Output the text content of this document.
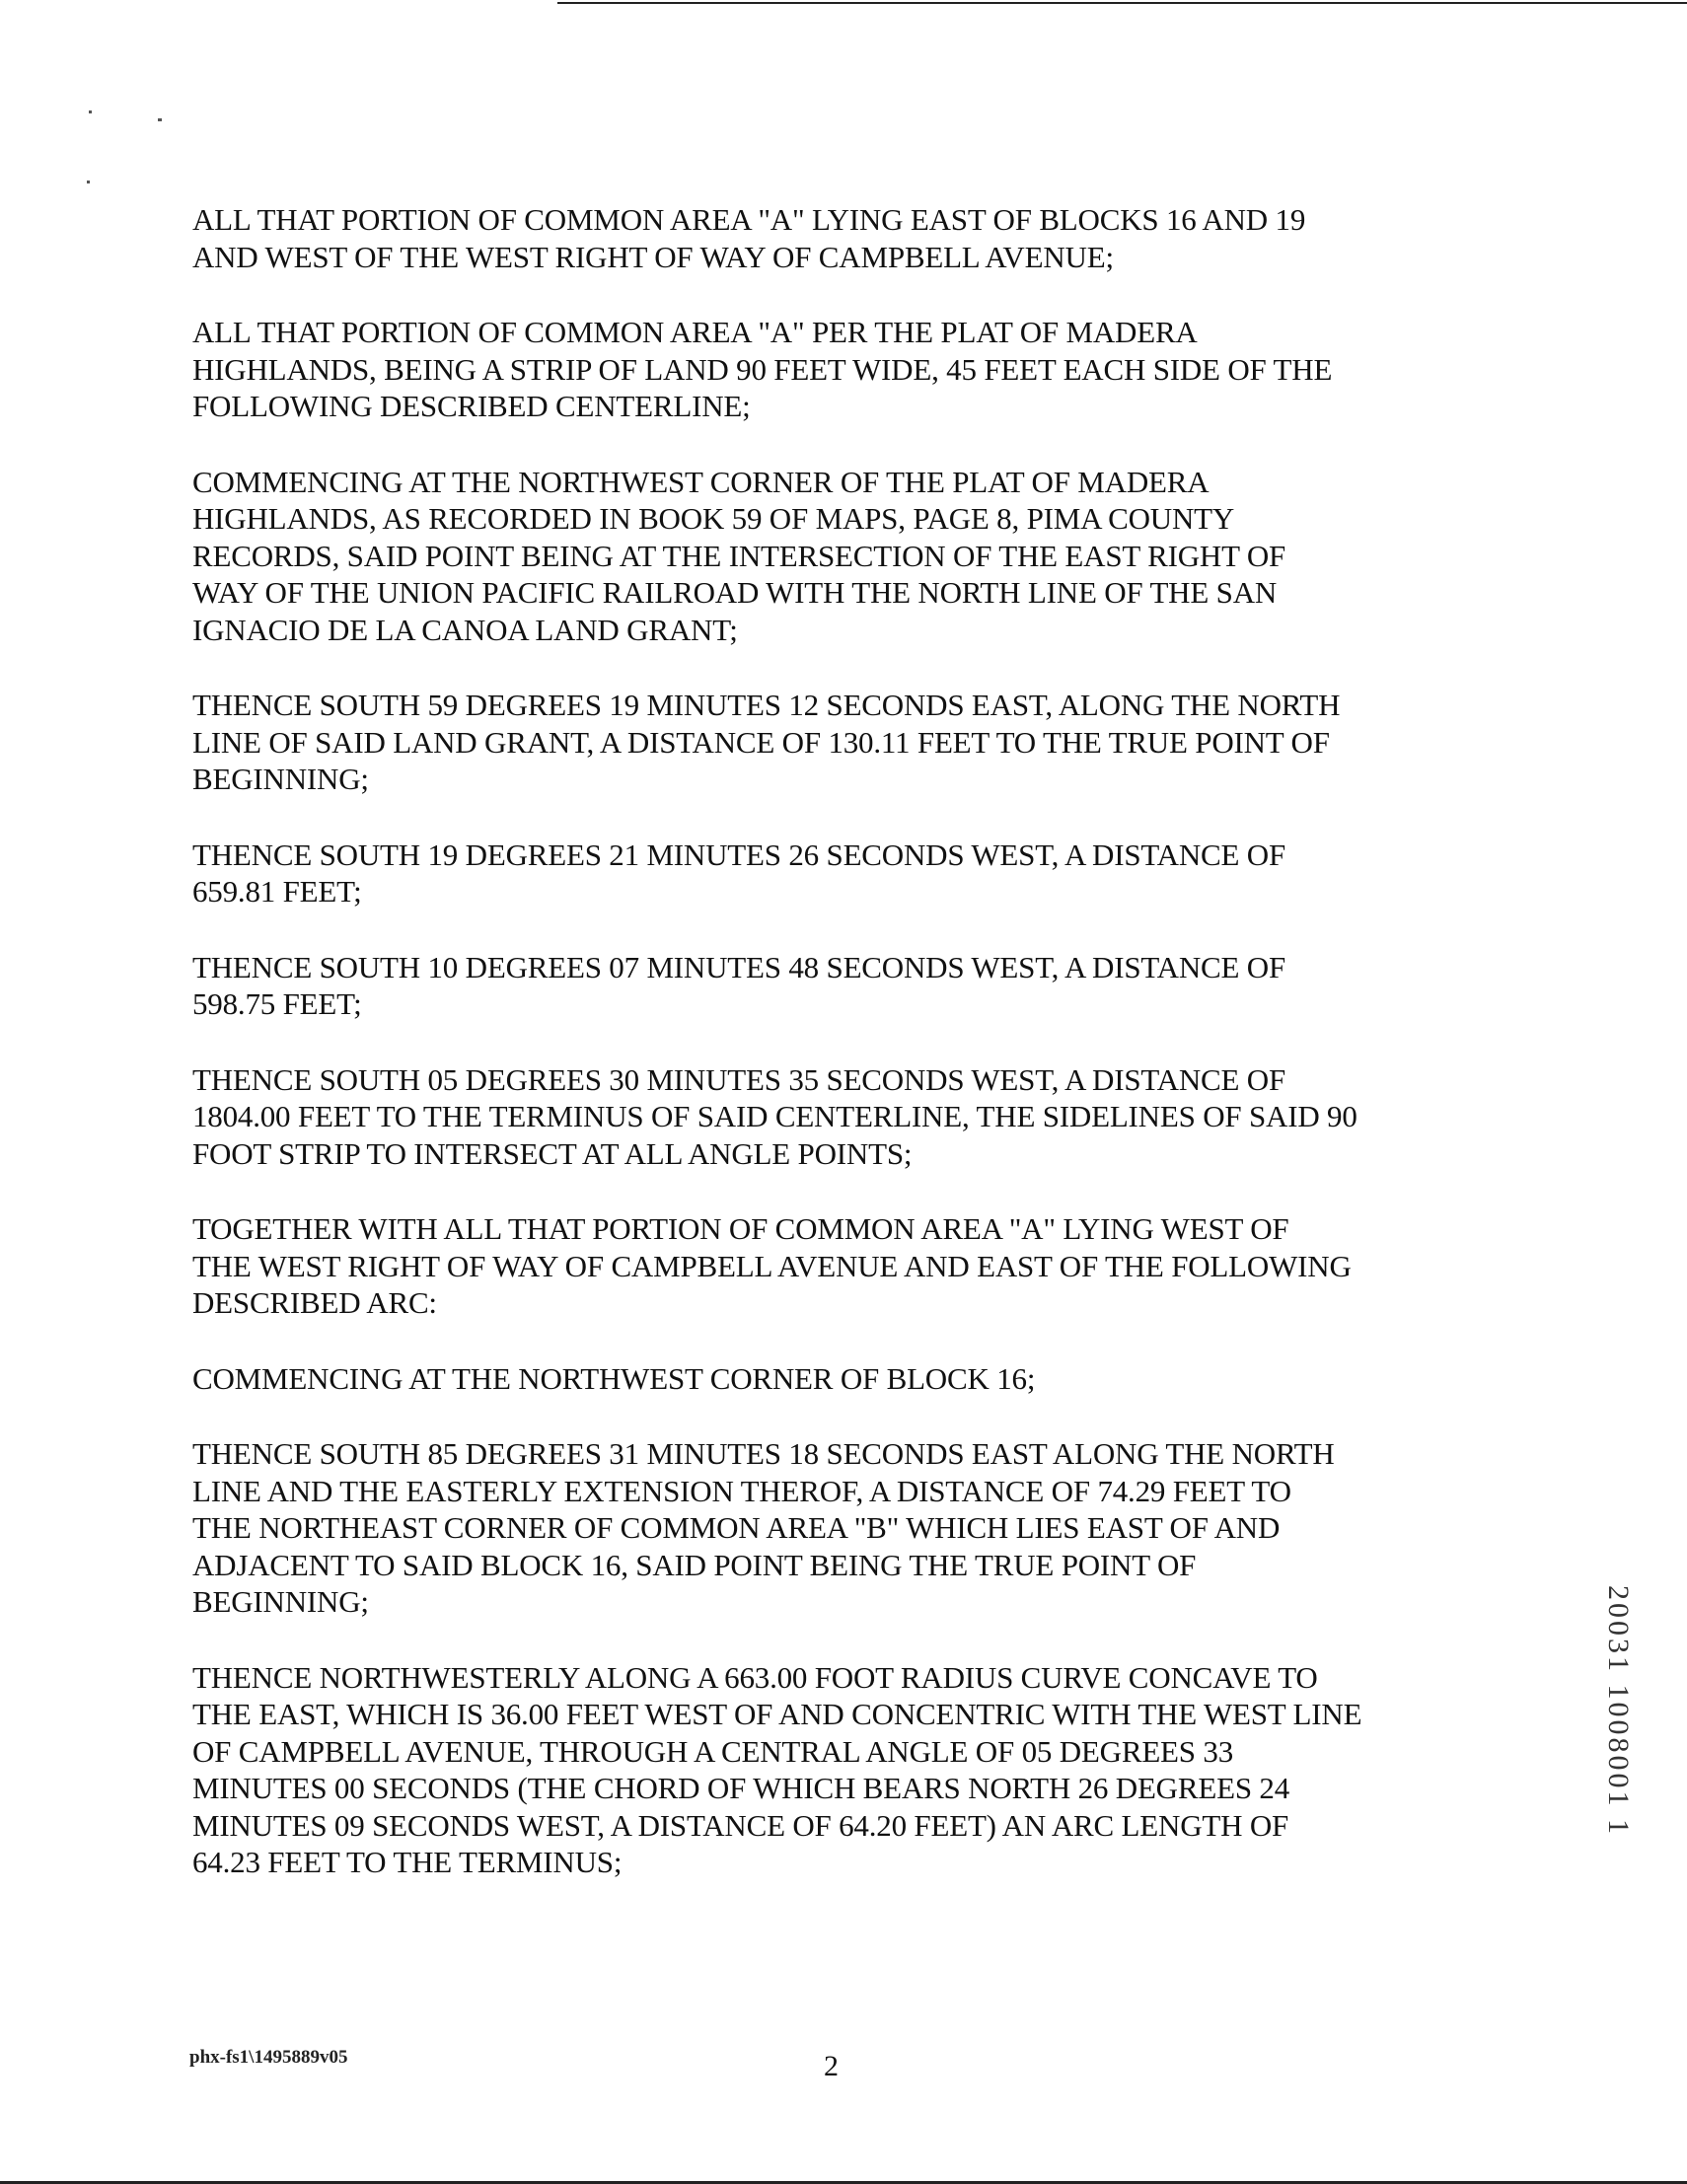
ALL THAT PORTION OF COMMON AREA "A" LYING EAST OF BLOCKS 16 AND 19
AND WEST OF THE WEST RIGHT OF WAY OF CAMPBELL AVENUE;

ALL THAT PORTION OF COMMON AREA "A" PER THE PLAT OF MADERA
HIGHLANDS, BEING A STRIP OF LAND 90 FEET WIDE, 45 FEET EACH SIDE OF THE
FOLLOWING DESCRIBED CENTERLINE;

COMMENCING AT THE NORTHWEST CORNER OF THE PLAT OF MADERA
HIGHLANDS, AS RECORDED IN BOOK 59 OF MAPS, PAGE 8, PIMA COUNTY
RECORDS, SAID POINT BEING AT THE INTERSECTION OF THE EAST RIGHT OF
WAY OF THE UNION PACIFIC RAILROAD WITH THE NORTH LINE OF THE SAN
IGNACIO DE LA CANOA LAND GRANT;

THENCE SOUTH 59 DEGREES 19 MINUTES 12 SECONDS EAST, ALONG THE NORTH
LINE OF SAID LAND GRANT, A DISTANCE OF 130.11 FEET TO THE TRUE POINT OF
BEGINNING;

THENCE SOUTH 19 DEGREES 21 MINUTES 26 SECONDS WEST, A DISTANCE OF
659.81 FEET;

THENCE SOUTH 10 DEGREES 07 MINUTES 48 SECONDS WEST, A DISTANCE OF
598.75 FEET;

THENCE SOUTH 05 DEGREES 30 MINUTES 35 SECONDS WEST, A DISTANCE OF
1804.00 FEET TO THE TERMINUS OF SAID CENTERLINE, THE SIDELINES OF SAID 90
FOOT STRIP TO INTERSECT AT ALL ANGLE POINTS;

TOGETHER WITH ALL THAT PORTION OF COMMON AREA "A" LYING WEST OF
THE WEST RIGHT OF WAY OF CAMPBELL AVENUE AND EAST OF THE FOLLOWING
DESCRIBED ARC:

COMMENCING AT THE NORTHWEST CORNER OF BLOCK 16;

THENCE SOUTH 85 DEGREES 31 MINUTES 18 SECONDS EAST ALONG THE NORTH
LINE AND THE EASTERLY EXTENSION THEROF, A DISTANCE OF 74.29 FEET TO
THE NORTHEAST CORNER OF COMMON AREA "B" WHICH LIES EAST OF AND
ADJACENT TO SAID BLOCK 16, SAID POINT BEING THE TRUE POINT OF
BEGINNING;

THENCE NORTHWESTERLY ALONG A 663.00 FOOT RADIUS CURVE CONCAVE TO
THE EAST, WHICH IS 36.00 FEET WEST OF AND CONCENTRIC WITH THE WEST LINE
OF CAMPBELL AVENUE, THROUGH A CENTRAL ANGLE OF 05 DEGREES 33
MINUTES 00 SECONDS (THE CHORD OF WHICH BEARS NORTH 26 DEGREES 24
MINUTES 09 SECONDS WEST, A DISTANCE OF 64.20 FEET) AN ARC LENGTH OF
64.23 FEET TO THE TERMINUS;

20031 1008001 1
phx-fs1\1495889v05	2
